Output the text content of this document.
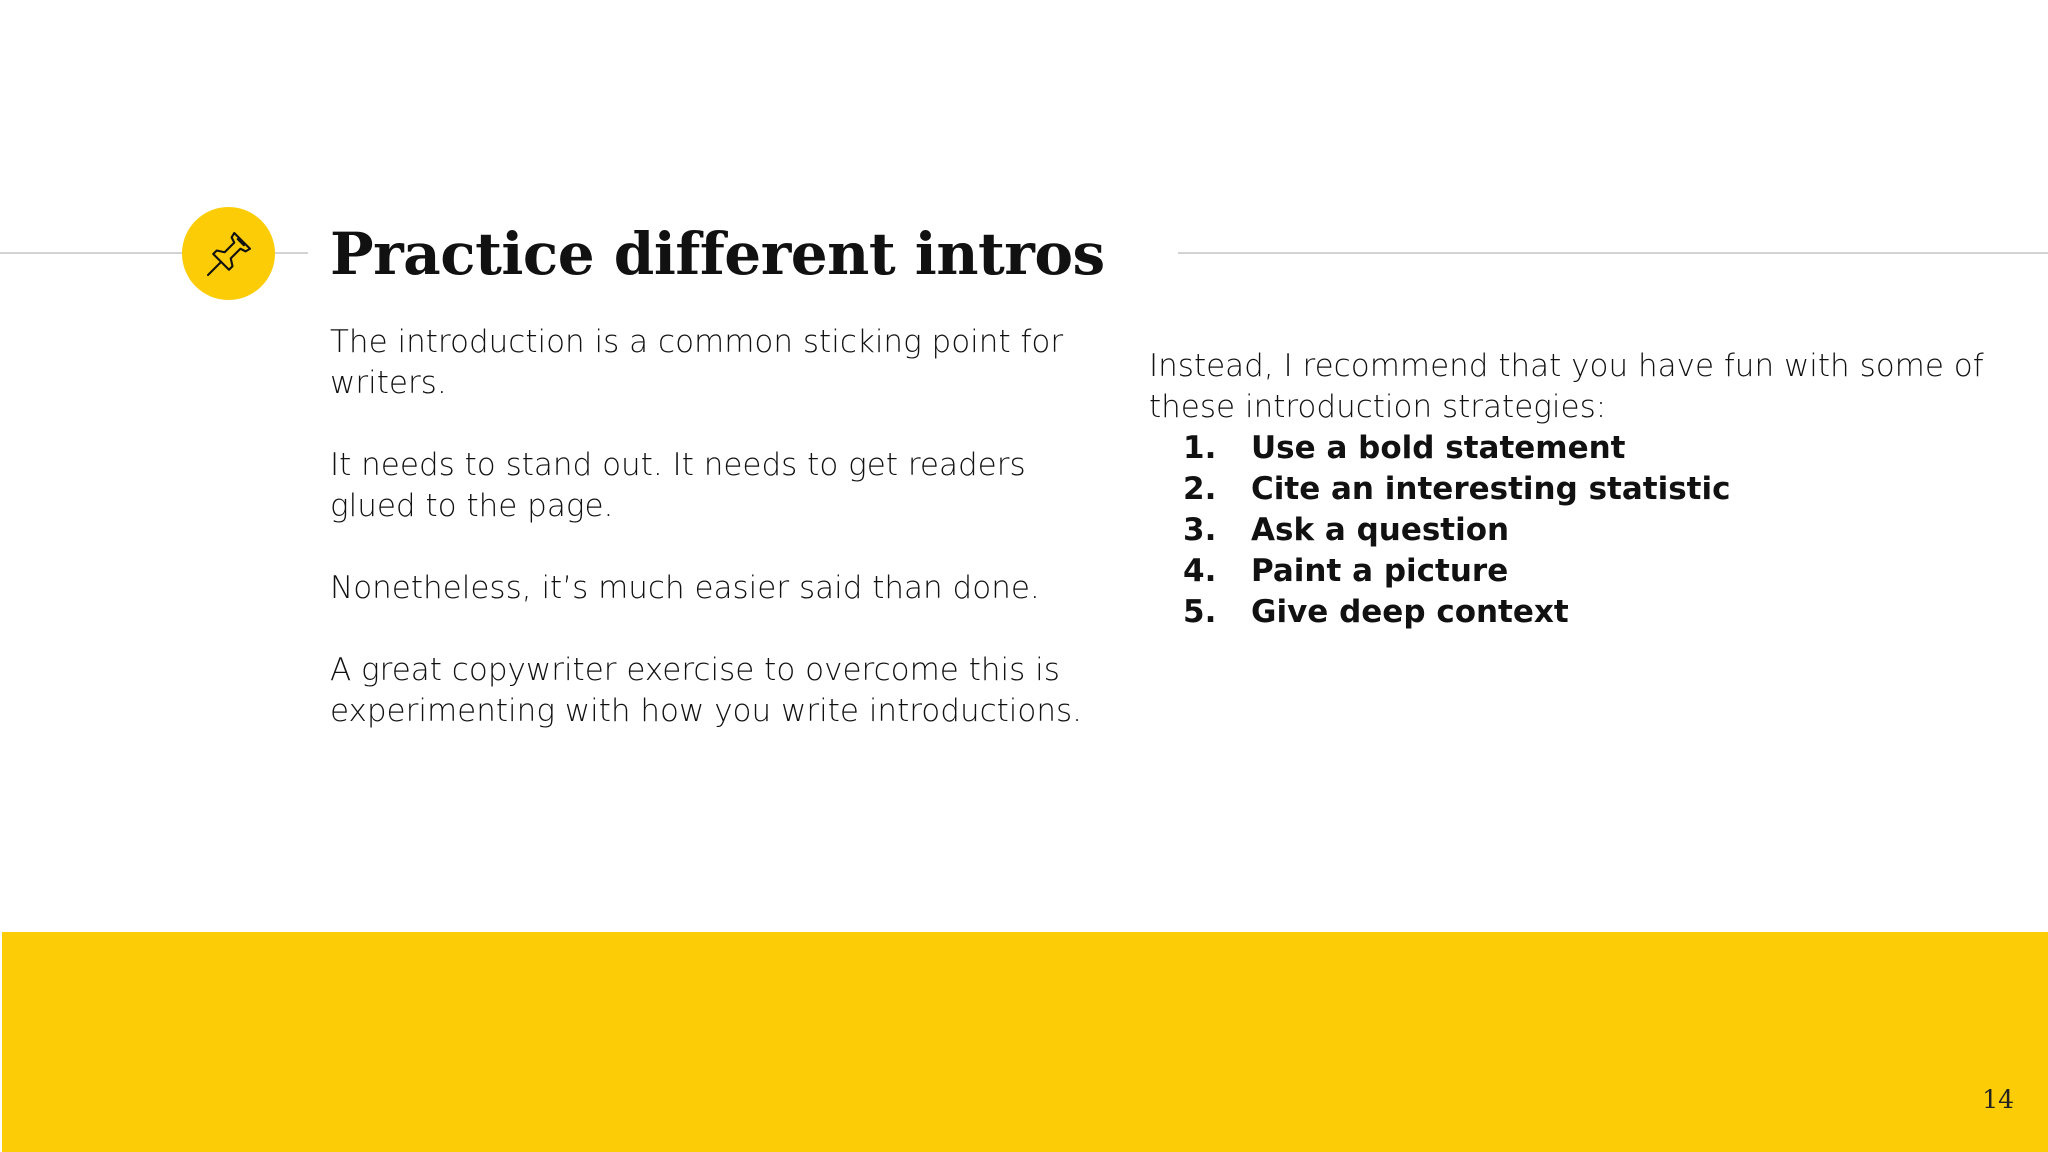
Practice different intros

The introduction is a common sticking point for writers.

It needs to stand out. It needs to get readers glued to the page.

Nonetheless, it’s much easier said than done.

A great copywriter exercise to overcome this is experimenting with how you write introductions.

Instead, I recommend that you have fun with some of these introduction strategies:

1.	Use a bold statement
2.	Cite an interesting statistic
3.	Ask a question
4.	Paint a picture
5.	Give deep context
14
